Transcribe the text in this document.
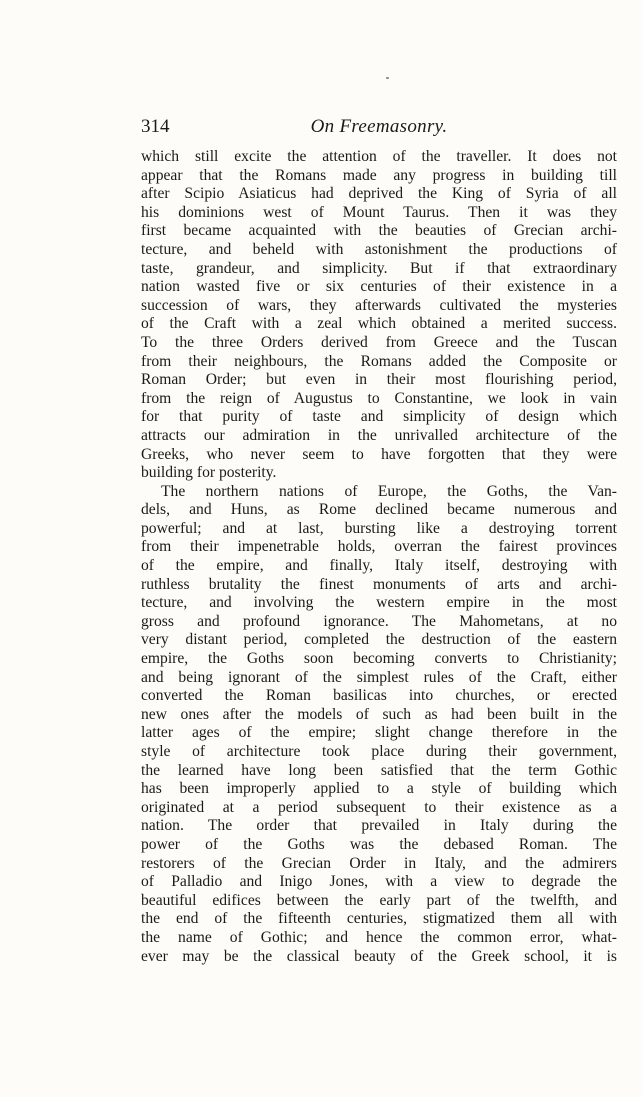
On Freemasonry.
314
which still excite the attention of the traveller. It does not
appear that the Romans made any progress in building till
after Scipio Asiaticus had deprived the King of Syria of all
his dominions west of Mount Taurus. Then it was they
first became acquainted with the beauties of Grecian archi-
tecture, and beheld with astonishment the productions of
taste, grandeur, and simplicity. But if that extraordinary
nation wasted five or six centuries of their existence in a
succession of wars, they afterwards cultivated the mysteries
of the Craft with a zeal which obtained a merited success.
To the three Orders derived from Greece and the Tuscan
from their neighbours, the Romans added the Composite or
Roman Order; but even in their most flourishing period,
from the reign of Augustus to Constantine, we look in vain
for that purity of taste and simplicity of design which
attracts our admiration in the unrivalled architecture of the
Greeks, who never seem to have forgotten that they were
building for posterity.
The northern nations of Europe, the Goths, the Van-
dels, and Huns, as Rome declined became numerous and
powerful; and at last, bursting like a destroying torrent
from their impenetrable holds, overran the fairest provinces
of the empire, and finally, Italy itself, destroying with
ruthless brutality the finest monuments of arts and archi-
tecture, and involving the western empire in the most
gross and profound ignorance. The Mahometans, at no
very distant period, completed the destruction of the eastern
empire, the Goths soon becoming converts to Christianity;
and being ignorant of the simplest rules of the Craft, either
converted the Roman basilicas into churches, or erected
new ones after the models of such as had been built in the
latter ages of the empire; slight change therefore in the
style of architecture took place during their government,
the learned have long been satisfied that the term Gothic
has been improperly applied to a style of building which
originated at a period subsequent to their existence as a
nation. The order that prevailed in Italy during the
power of the Goths was the debased Roman. The
restorers of the Grecian Order in Italy, and the admirers
of Palladio and Inigo Jones, with a view to degrade the
beautiful edifices between the early part of the twelfth, and
the end of the fifteenth centuries, stigmatized them all with
the name of Gothic; and hence the common error, what-
ever may be the classical beauty of the Greek school, it is
